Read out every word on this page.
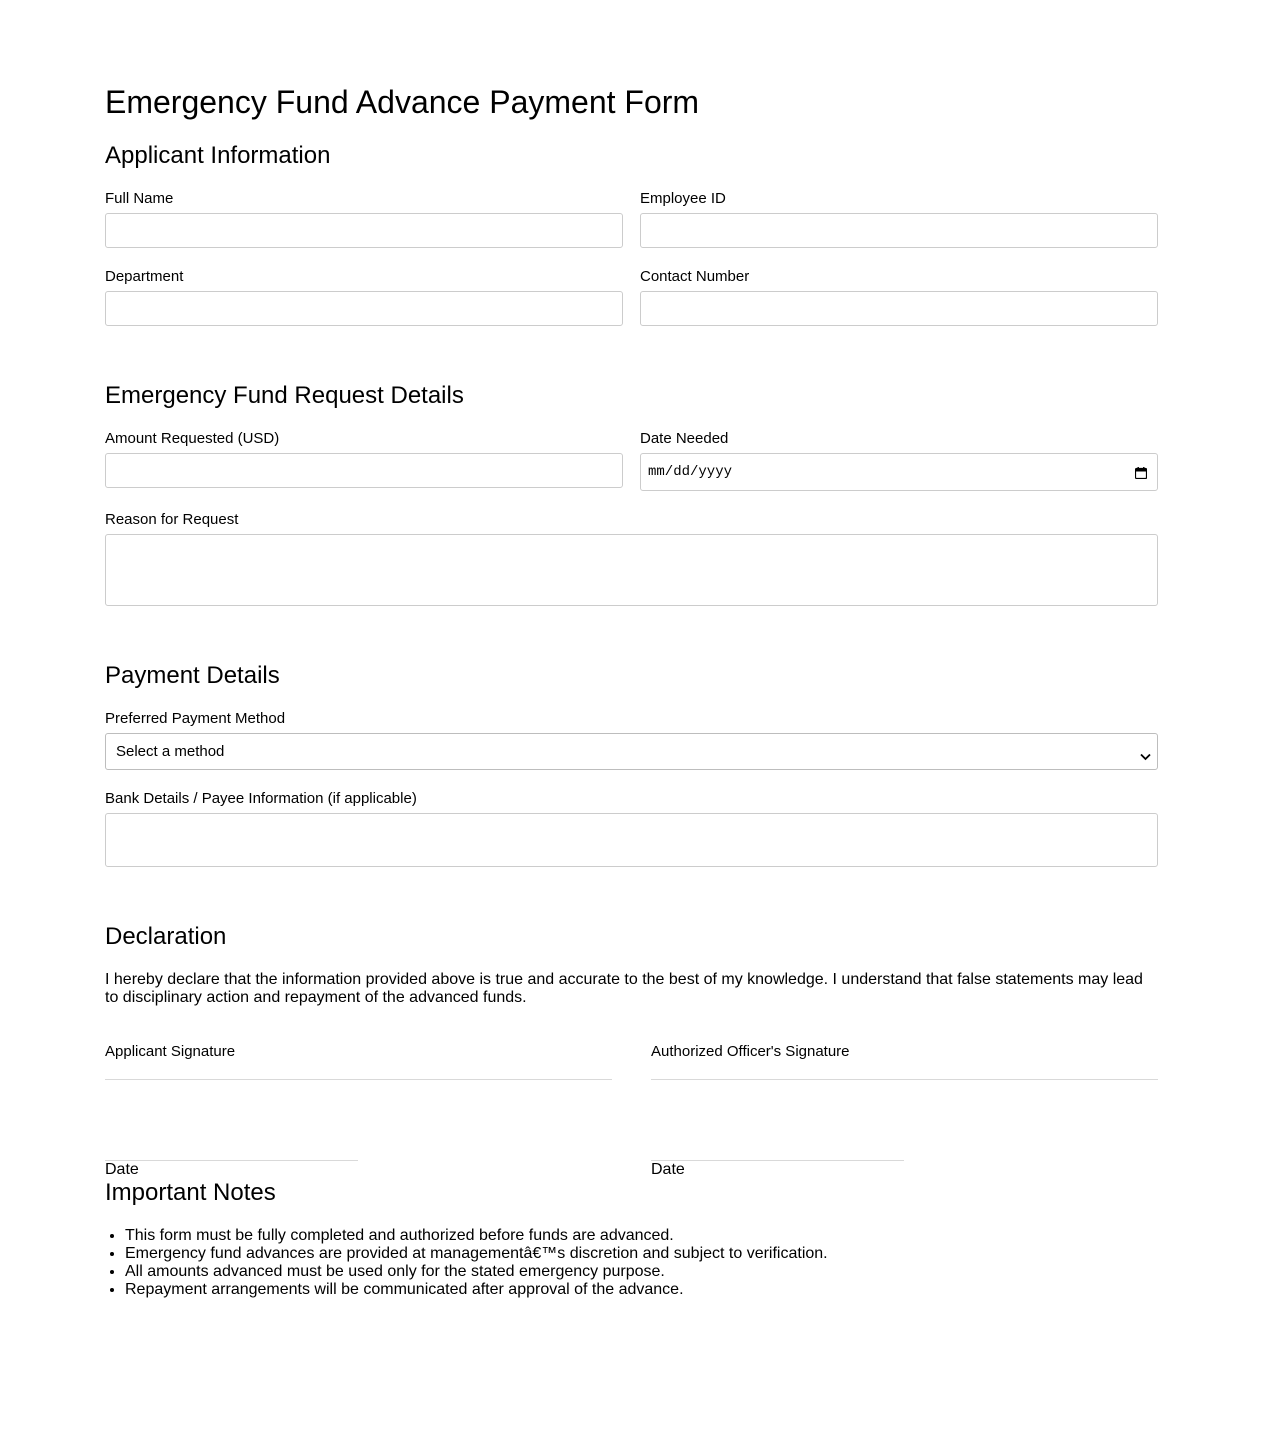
Emergency Fund Advance Payment Form
Applicant Information
Full Name	Employee ID
Department	Contact Number
Emergency Fund Request Details
Amount Requested (USD)	Date Needed
mm/dd/yyyy
Reason for Request
Payment Details
Preferred Payment Method
Select a method
Bank Details / Payee Information (if applicable)
Declaration

I hereby declare that the information provided above is true and accurate to the best of my knowledge. I understand that false statements may lead to disciplinary action and repayment of the advanced funds.

Applicant Signature	Authorized Officer's Signature
Date	Date
Important Notes
• This form must be fully completed and authorized before funds are advanced.
• Emergency fund advances are provided at managementâ€™s discretion and subject to verification.
• All amounts advanced must be used only for the stated emergency purpose.
• Repayment arrangements will be communicated after approval of the advance.
